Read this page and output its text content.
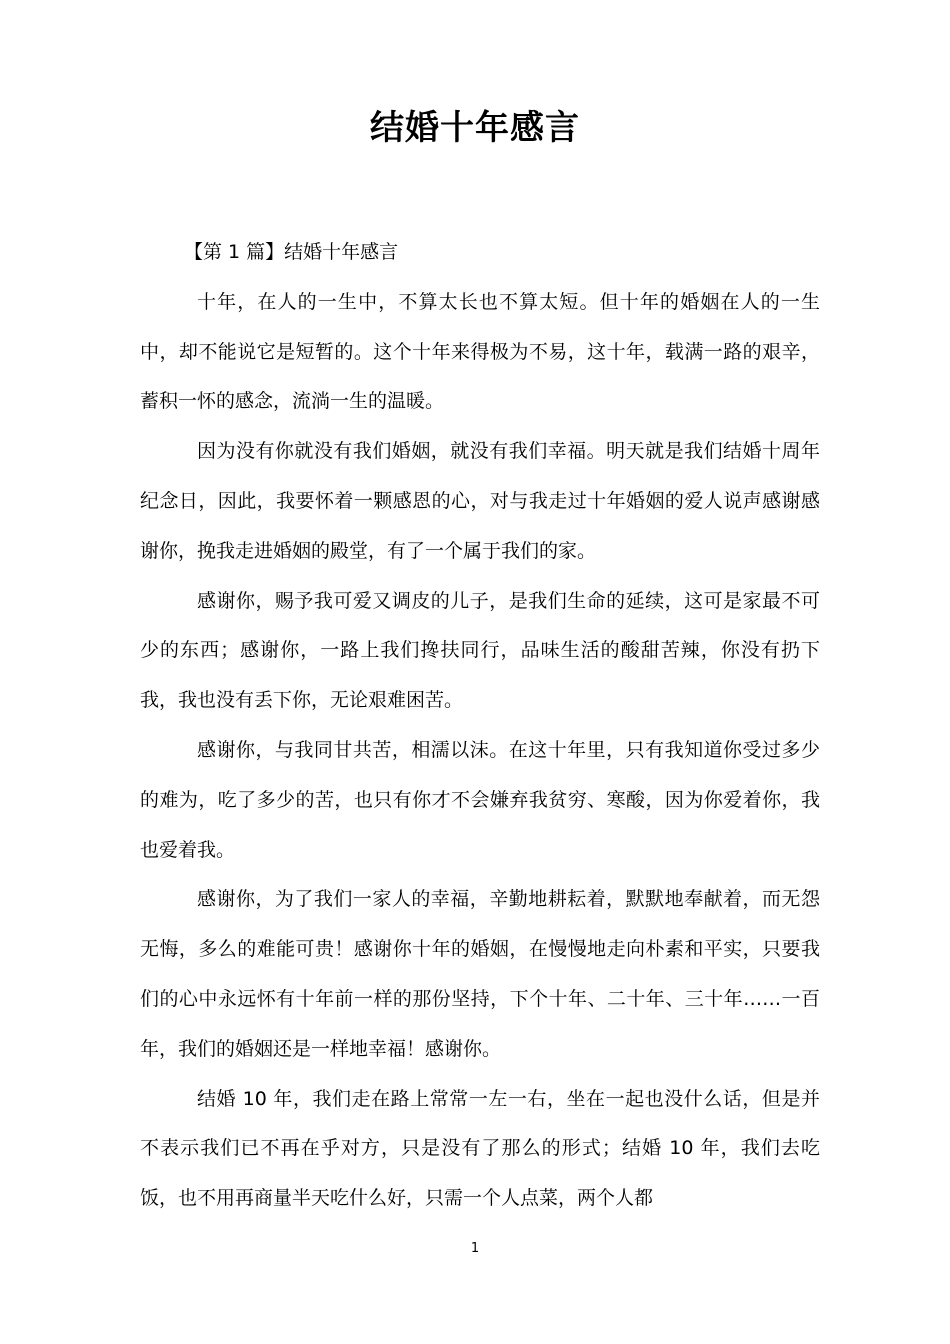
结婚十年感言

【第 1 篇】结婚十年感言

十年，在人的一生中，不算太长也不算太短。但十年的婚姻在人的一生中，却不能说它是短暂的。这个十年来得极为不易，这十年，载满一路的艰辛，蓄积一怀的感念，流淌一生的温暖。

因为没有你就没有我们婚姻，就没有我们幸福。明天就是我们结婚十周年纪念日，因此，我要怀着一颗感恩的心，对与我走过十年婚姻的爱人说声感谢感谢你，挽我走进婚姻的殿堂，有了一个属于我们的家。

感谢你，赐予我可爱又调皮的儿子，是我们生命的延续，这可是家最不可少的东西；感谢你，一路上我们搀扶同行，品味生活的酸甜苦辣，你没有扔下我，我也没有丢下你，无论艰难困苦。

感谢你，与我同甘共苦，相濡以沫。在这十年里，只有我知道你受过多少的难为，吃了多少的苦，也只有你才不会嫌弃我贫穷、寒酸，因为你爱着你，我也爱着我。

感谢你，为了我们一家人的幸福，辛勤地耕耘着，默默地奉献着，而无怨无悔，多么的难能可贵！感谢你十年的婚姻，在慢慢地走向朴素和平实，只要我们的心中永远怀有十年前一样的那份坚持，下个十年、二十年、三十年……一百年，我们的婚姻还是一样地幸福！感谢你。

结婚 10 年，我们走在路上常常一左一右，坐在一起也没什么话，但是并不表示我们已不再在乎对方，只是没有了那么的形式；结婚 10 年，我们去吃饭，也不用再商量半天吃什么好，只需一个人点菜，两个人都

1
